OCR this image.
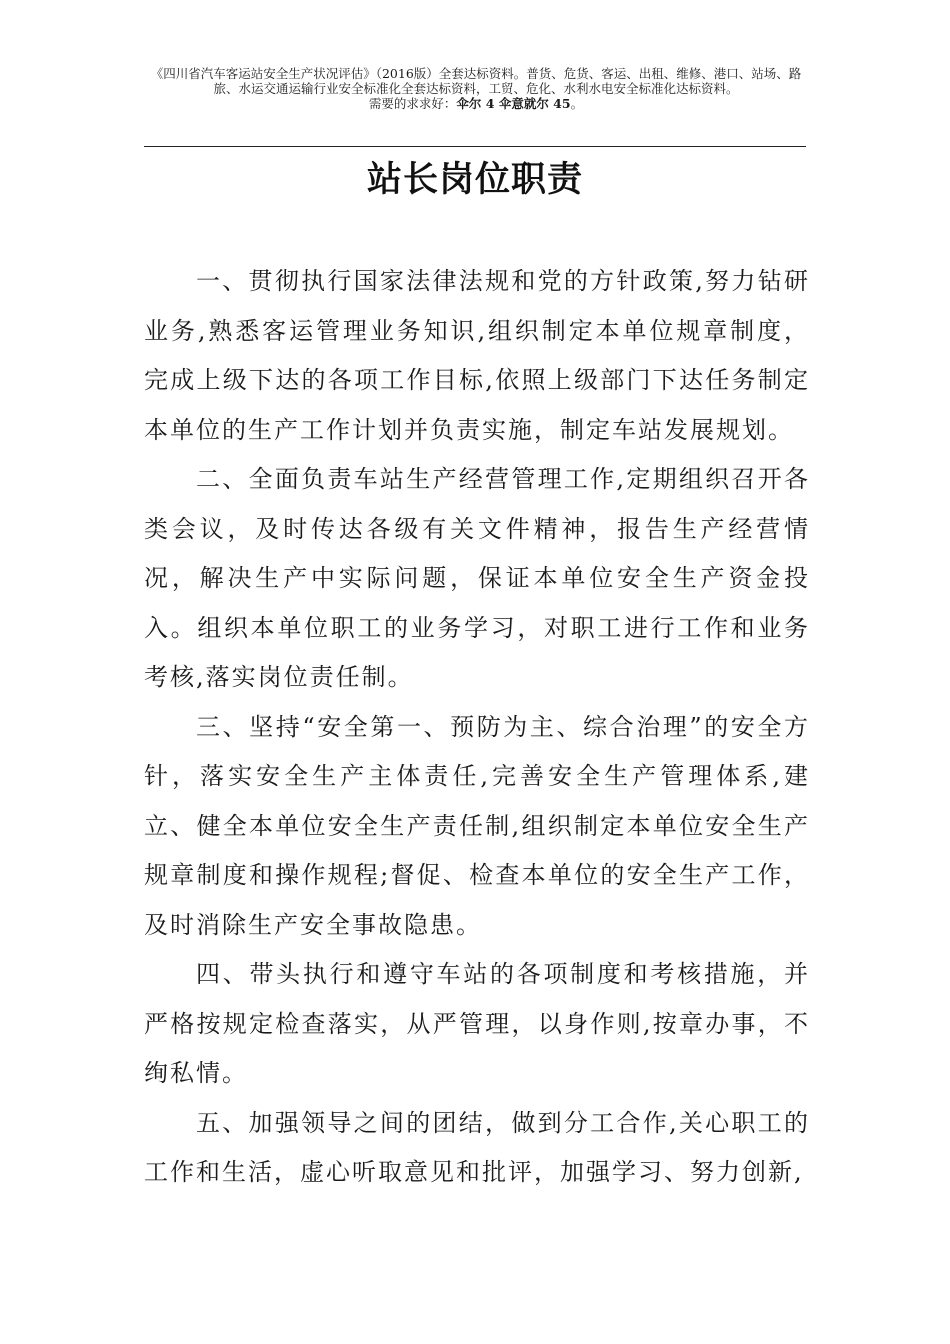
《四川省汽车客运站安全生产状况评估》（2016版）全套达标资料。普货、危货、客运、出租、维修、港口、站场、路旅、水运交通运输行业安全标准化全套达标资料，工贸、危化、水利水电安全标准化达标资料。
需要的求求好：伞尔 4 伞意就尔 45。
站长岗位职责

一、贯彻执行国家法律法规和党的方针政策,努力钻研业务,熟悉客运管理业务知识,组织制定本单位规章制度，完成上级下达的各项工作目标,依照上级部门下达任务制定本单位的生产工作计划并负责实施，制定车站发展规划。

二、全面负责车站生产经营管理工作,定期组织召开各类会议，及时传达各级有关文件精神，报告生产经营情况，解决生产中实际问题，保证本单位安全生产资金投入。组织本单位职工的业务学习，对职工进行工作和业务考核,落实岗位责任制。

三、坚持“安全第一、预防为主、综合治理”的安全方针，落实安全生产主体责任,完善安全生产管理体系,建立、健全本单位安全生产责任制,组织制定本单位安全生产规章制度和操作规程;督促、检查本单位的安全生产工作，及时消除生产安全事故隐患。

四、带头执行和遵守车站的各项制度和考核措施，并严格按规定检查落实，从严管理，以身作则,按章办事，不绚私情。

五、加强领导之间的团结，做到分工合作,关心职工的工作和生活，虚心听取意见和批评，加强学习、努力创新,
